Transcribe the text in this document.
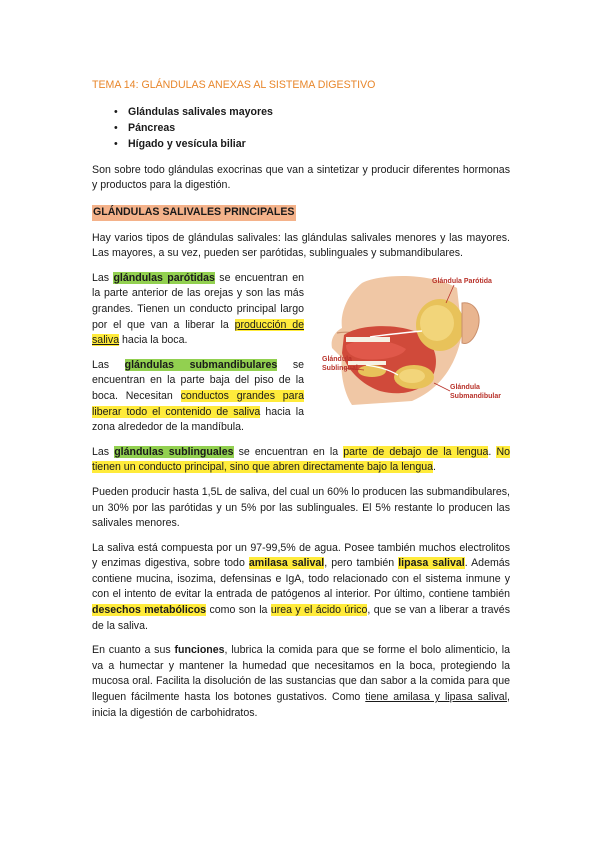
TEMA 14: GLÁNDULAS ANEXAS AL SISTEMA DIGESTIVO
• Glándulas salivales mayores
• Páncreas
• Hígado y vesícula biliar

Son sobre todo glándulas exocrinas que van a sintetizar y producir diferentes hormonas y productos para la digestión.

GLÁNDULAS SALIVALES PRINCIPALES

Hay varios tipos de glándulas salivales: las glándulas salivales menores y las mayores. Las mayores, a su vez, pueden ser parótidas, sublinguales y submandibulares.

Las glándulas parótidas se encuentran en la parte anterior de las orejas y son las más grandes. Tienen un conducto principal largo por el que van a liberar la producción de saliva hacia la boca.

Las glándulas submandibulares se encuentran en la parte baja del piso de la boca. Necesitan conductos grandes para liberar todo el contenido de saliva hacia la zona alrededor de la mandíbula.

Glándula Parótida
Glándula
Sublingual
Glándula
Submandibular

Las glándulas sublinguales se encuentran en la parte de debajo de la lengua. No tienen un conducto principal, sino que abren directamente bajo la lengua.

Pueden producir hasta 1,5L de saliva, del cual un 60% lo producen las submandibulares, un 30% por las parótidas y un 5% por las sublinguales. El 5% restante lo producen las salivales menores.

La saliva está compuesta por un 97-99,5% de agua. Posee también muchos electrolitos y enzimas digestiva, sobre todo amilasa salival, pero también lipasa salival. Además contiene mucina, isozima, defensinas e IgA, todo relacionado con el sistema inmune y con el intento de evitar la entrada de patógenos al interior. Por último, contiene también desechos metabólicos como son la urea y el ácido úrico, que se van a liberar a través de la saliva.

En cuanto a sus funciones, lubrica la comida para que se forme el bolo alimenticio, la va a humectar y mantener la humedad que necesitamos en la boca, protegiendo la mucosa oral. Facilita la disolución de las sustancias que dan sabor a la comida para que lleguen fácilmente hasta los botones gustativos. Como tiene amilasa y lipasa salival, inicia la digestión de carbohidratos.
